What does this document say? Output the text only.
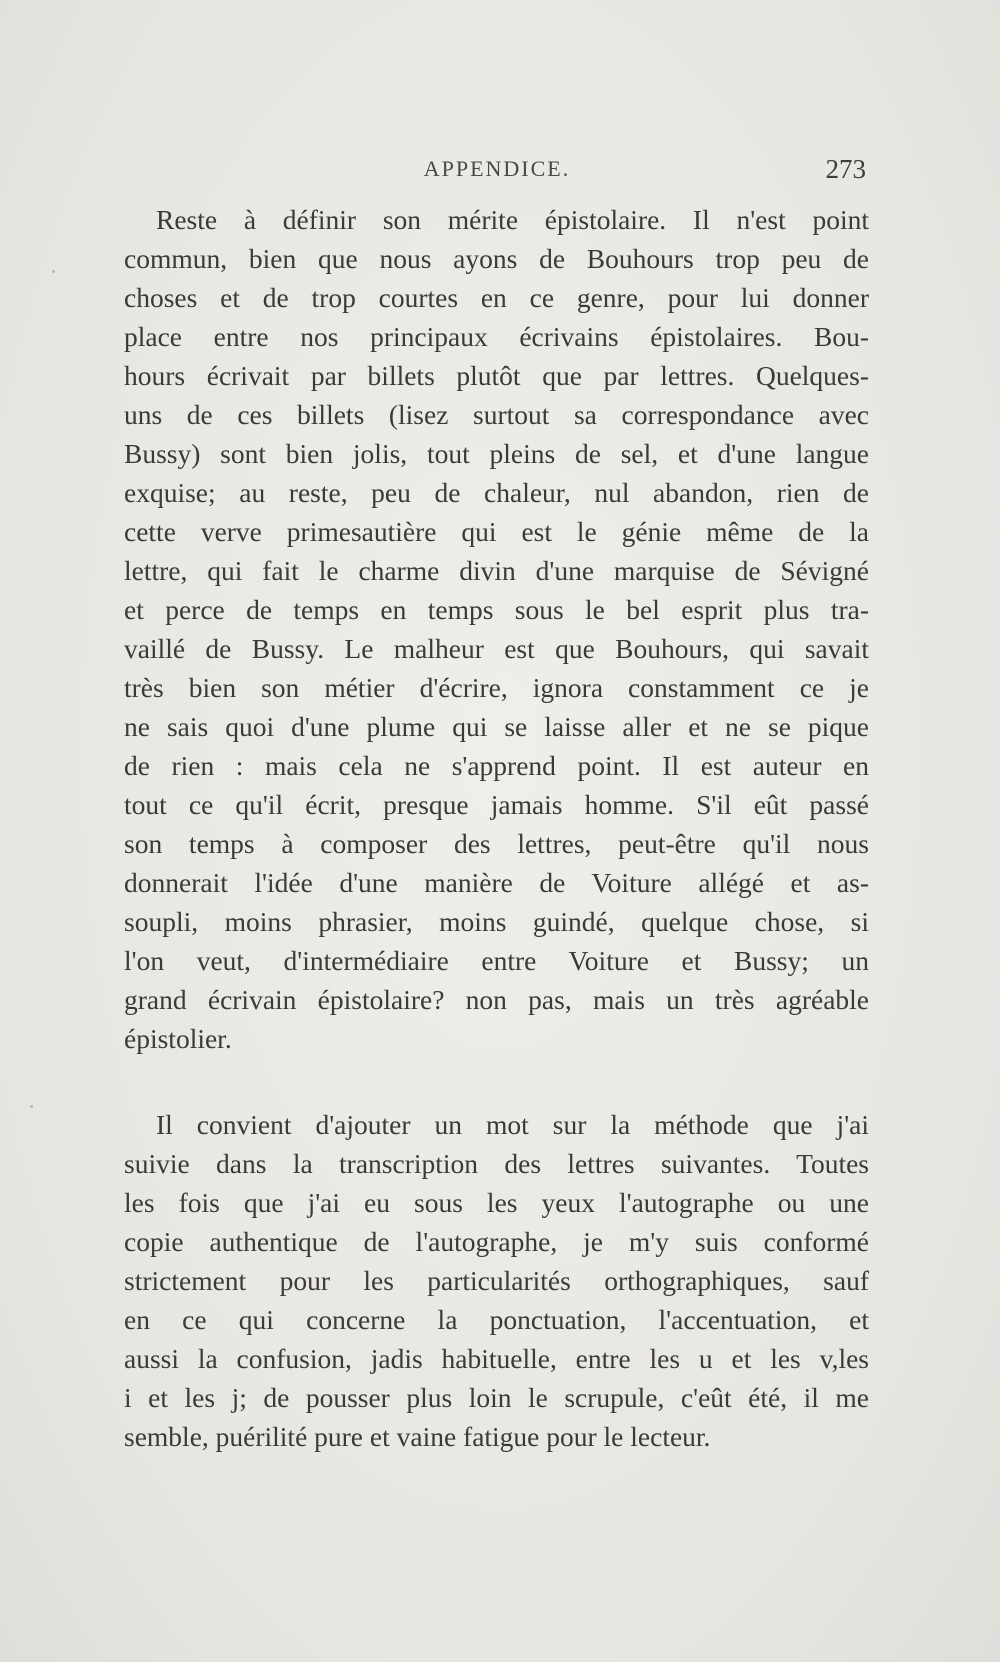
APPENDICE.	273
Reste à définir son mérite épistolaire. Il n'est point
commun, bien que nous ayons de Bouhours trop peu de
choses et de trop courtes en ce genre, pour lui donner
place entre nos principaux écrivains épistolaires. Bou-
hours écrivait par billets plutôt que par lettres. Quelques-
uns de ces billets (lisez surtout sa correspondance avec
Bussy) sont bien jolis, tout pleins de sel, et d'une langue
exquise; au reste, peu de chaleur, nul abandon, rien de
cette verve primesautière qui est le génie même de la
lettre, qui fait le charme divin d'une marquise de Sévigné
et perce de temps en temps sous le bel esprit plus tra-
vaillé de Bussy. Le malheur est que Bouhours, qui savait
très bien son métier d'écrire, ignora constamment ce je
ne sais quoi d'une plume qui se laisse aller et ne se pique
de rien : mais cela ne s'apprend point. Il est auteur en
tout ce qu'il écrit, presque jamais homme. S'il eût passé
son temps à composer des lettres, peut-être qu'il nous
donnerait l'idée d'une manière de Voiture allégé et as-
soupli, moins phrasier, moins guindé, quelque chose, si
l'on veut, d'intermédiaire entre Voiture et Bussy; un
grand écrivain épistolaire? non pas, mais un très agréable
épistolier.
Il convient d'ajouter un mot sur la méthode que j'ai
suivie dans la transcription des lettres suivantes. Toutes
les fois que j'ai eu sous les yeux l'autographe ou une
copie authentique de l'autographe, je m'y suis conformé
strictement pour les particularités orthographiques, sauf
en ce qui concerne la ponctuation, l'accentuation, et
aussi la confusion, jadis habituelle, entre les u et les v,les
i et les j; de pousser plus loin le scrupule, c'eût été, il me
semble, puérilité pure et vaine fatigue pour le lecteur.
